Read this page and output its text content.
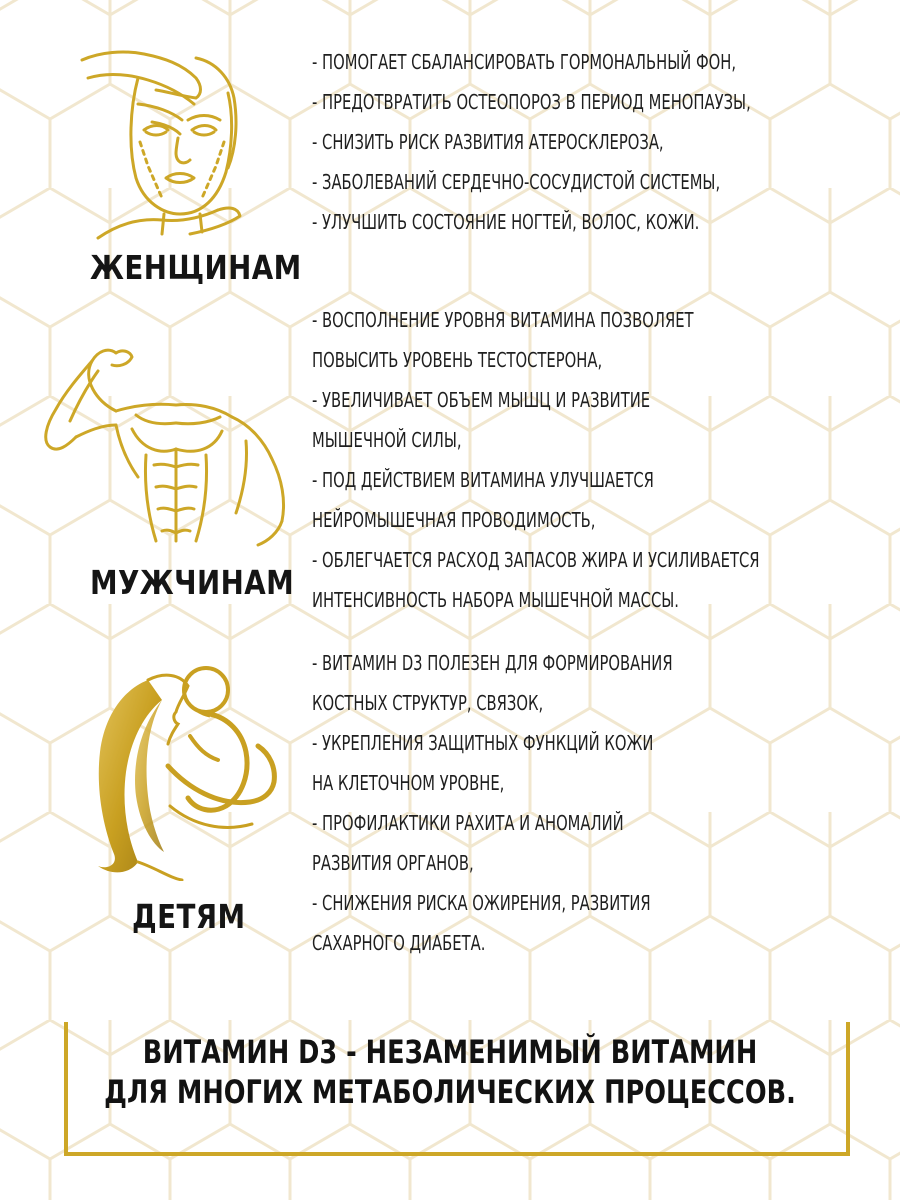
ЖЕНЩИНАМ
- ПОМОГАЕТ СБАЛАНСИРОВАТЬ ГОРМОНАЛЬНЫЙ ФОН,
- ПРЕДОТВРАТИТЬ ОСТЕОПОРОЗ В ПЕРИОД МЕНОПАУЗЫ,
- СНИЗИТЬ РИСК РАЗВИТИЯ АТЕРОСКЛЕРОЗА,
- ЗАБОЛЕВАНИЙ СЕРДЕЧНО-СОСУДИСТОЙ СИСТЕМЫ,
- УЛУЧШИТЬ СОСТОЯНИЕ НОГТЕЙ, ВОЛОС, КОЖИ.
МУЖЧИНАМ
- ВОСПОЛНЕНИЕ УРОВНЯ ВИТАМИНА ПОЗВОЛЯЕТ
ПОВЫСИТЬ УРОВЕНЬ ТЕСТОСТЕРОНА,
- УВЕЛИЧИВАЕТ ОБЪЕМ МЫШЦ И РАЗВИТИЕ
МЫШЕЧНОЙ СИЛЫ,
- ПОД ДЕЙСТВИЕМ ВИТАМИНА УЛУЧШАЕТСЯ
НЕЙРОМЫШЕЧНАЯ ПРОВОДИМОСТЬ,
- ОБЛЕГЧАЕТСЯ РАСХОД ЗАПАСОВ ЖИРА И УСИЛИВАЕТСЯ
ИНТЕНСИВНОСТЬ НАБОРА МЫШЕЧНОЙ МАССЫ.
ДЕТЯМ
- ВИТАМИН D3 ПОЛЕЗЕН ДЛЯ ФОРМИРОВАНИЯ
КОСТНЫХ СТРУКТУР, СВЯЗОК,
- УКРЕПЛЕНИЯ ЗАЩИТНЫХ ФУНКЦИЙ КОЖИ
НА КЛЕТОЧНОМ УРОВНЕ,
- ПРОФИЛАКТИКИ РАХИТА И АНОМАЛИЙ
РАЗВИТИЯ ОРГАНОВ,
- СНИЖЕНИЯ РИСКА ОЖИРЕНИЯ, РАЗВИТИЯ
САХАРНОГО ДИАБЕТА.
ВИТАМИН D3 - НЕЗАМЕНИМЫЙ ВИТАМИН
ДЛЯ МНОГИХ МЕТАБОЛИЧЕСКИХ ПРОЦЕССОВ.
